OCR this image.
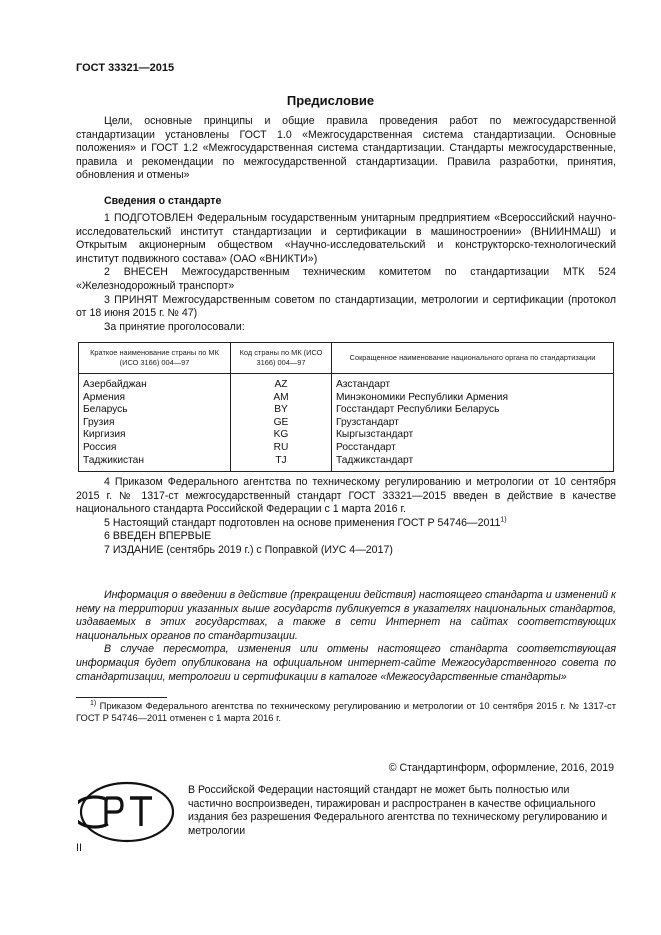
ГОСТ 33321—2015
Предисловие
Цели, основные принципы и общие правила проведения работ по межгосударственной стандартизации установлены ГОСТ 1.0 «Межгосударственная система стандартизации. Основные положения» и ГОСТ 1.2 «Межгосударственная система стандартизации. Стандарты межгосударственные, правила и рекомендации по межгосударственной стандартизации. Правила разработки, принятия, обновления и отмены»
Сведения о стандарте

1 ПОДГОТОВЛЕН Федеральным государственным унитарным предприятием «Всероссийский научно-исследовательский институт стандартизации и сертификации в машиностроении» (ВНИИНМАШ) и Открытым акционерным обществом «Научно-исследовательский и конструкторско-технологический институт подвижного состава» (ОАО «ВНИКТИ»)

2 ВНЕСЕН Межгосударственным техническим комитетом по стандартизации МТК 524 «Железнодорожный транспорт»

3 ПРИНЯТ Межгосударственным советом по стандартизации, метрологии и сертификации (протокол от 18 июня 2015 г. № 47)

За принятие проголосовали:

Краткое наименование страны по МК (ИСО 3166) 004—97	Код страны по МК (ИСО 3166) 004—97	Сокращенное наименование национального органа по стандартизации
Азербайджан	AZ	Азстандарт
Армения	AM	Минэкономики Республики Армения
Беларусь	BY	Госстандарт Республики Беларусь
Грузия	GE	Грузстандарт
Киргизия	KG	Кыргызстандарт
Россия	RU	Росстандарт
Таджикистан	TJ	Таджикстандарт

4 Приказом Федерального агентства по техническому регулированию и метрологии от 10 сентября 2015 г. № 1317-ст межгосударственный стандарт ГОСТ 33321—2015 введен в действие в качестве национального стандарта Российской Федерации с 1 марта 2016 г.

5 Настоящий стандарт подготовлен на основе применения ГОСТ Р 54746—2011$^{1)}$

6 ВВЕДЕН ВПЕРВЫЕ

7 ИЗДАНИЕ (сентябрь 2019 г.) с Поправкой (ИУС 4—2017)

Информация о введении в действие (прекращении действия) настоящего стандарта и изменений к нему на территории указанных выше государств публикуется в указателях национальных стандартов, издаваемых в этих государствах, а также в сети Интернет на сайтах соответствующих национальных органов по стандартизации.

В случае пересмотра, изменения или отмены настоящего стандарта соответствующая информация будет опубликована на официальном интернет-сайте Межгосударственного совета по стандартизации, метрологии и сертификации в каталоге «Межгосударственные стандарты»

$^{1)}$ Приказом Федерального агентства по техническому регулированию и метрологии от 10 сентября 2015 г. № 1317-ст ГОСТ Р 54746—2011 отменен с 1 марта 2016 г.
© Стандартинформ, оформление, 2016, 2019
В Российской Федерации настоящий стандарт не может быть полностью или частично воспроизведен, тиражирован и распространен в качестве официального издания без разрешения Федерального агентства по техническому регулированию и метрологии
II
